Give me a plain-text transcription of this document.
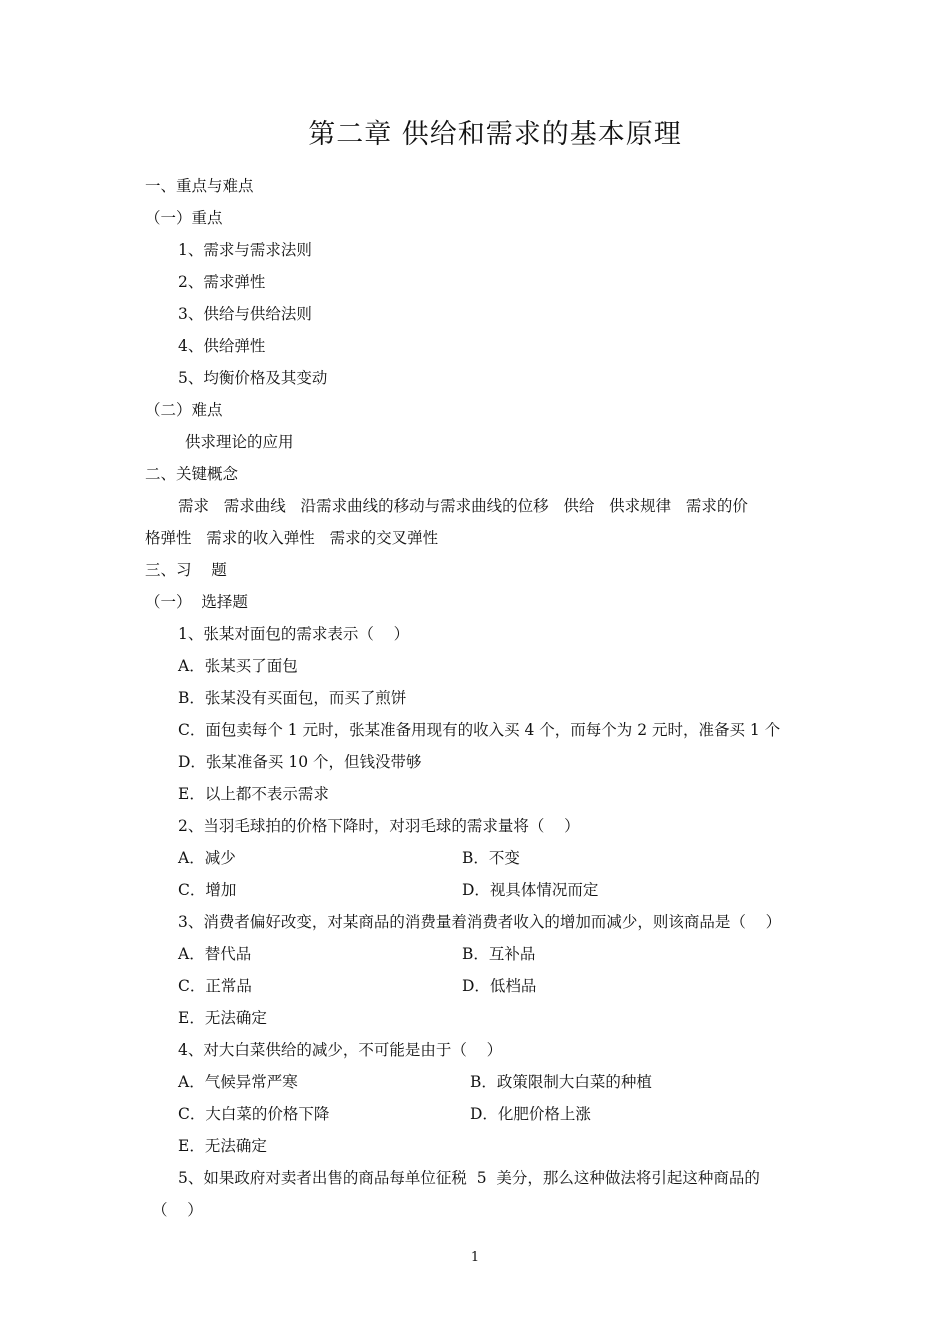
第二章 供给和需求的基本原理
一、重点与难点
（一）重点
1、需求与需求法则
2、需求弹性
3、供给与供给法则
4、供给弹性
5、均衡价格及其变动
（二）难点
供求理论的应用
二、关键概念
需求   需求曲线   沿需求曲线的移动与需求曲线的位移   供给   供求规律   需求的价
格弹性   需求的收入弹性   需求的交叉弹性
三、习    题
（一）  选择题
1、张某对面包的需求表示（    ）
A．张某买了面包
B．张某没有买面包，而买了煎饼
C．面包卖每个 1 元时，张某准备用现有的收入买 4 个，而每个为 2 元时，准备买 1 个
D．张某准备买 10 个，但钱没带够
E．以上都不表示需求
2、当羽毛球拍的价格下降时，对羽毛球的需求量将（    ）
A．减少	B．不变
C．增加	D．视具体情况而定
3、消费者偏好改变，对某商品的消费量着消费者收入的增加而减少，则该商品是（    ）
A．替代品	B．互补品
C．正常品	D．低档品
E．无法确定
4、对大白菜供给的减少，不可能是由于（    ）
A．气候异常严寒	B．政策限制大白菜的种植
C．大白菜的价格下降	D．化肥价格上涨
E．无法确定
5、如果政府对卖者出售的商品每单位征税  5  美分，那么这种做法将引起这种商品的
（    ）
1
